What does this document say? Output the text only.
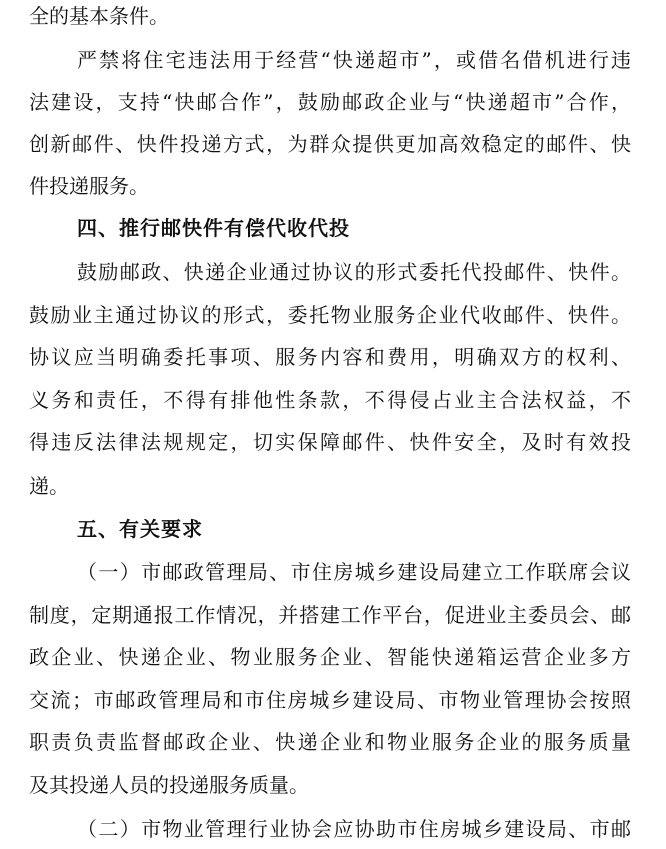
全的基本条件。
严禁将住宅违法用于经营“快递超市”，或借名借机进行违
法建设，支持“快邮合作”，鼓励邮政企业与“快递超市”合作，
创新邮件、快件投递方式，为群众提供更加高效稳定的邮件、快
件投递服务。
四、推行邮快件有偿代收代投
鼓励邮政、快递企业通过协议的形式委托代投邮件、快件。
鼓励业主通过协议的形式，委托物业服务企业代收邮件、快件。
协议应当明确委托事项、服务内容和费用，明确双方的权利、
义务和责任，不得有排他性条款，不得侵占业主合法权益，不
得违反法律法规规定，切实保障邮件、快件安全，及时有效投
递。
五、有关要求
（一）市邮政管理局、市住房城乡建设局建立工作联席会议
制度，定期通报工作情况，并搭建工作平台，促进业主委员会、邮
政企业、快递企业、物业服务企业、智能快递箱运营企业多方
交流；市邮政管理局和市住房城乡建设局、市物业管理协会按照
职责负责监督邮政企业、快递企业和物业服务企业的服务质量
及其投递人员的投递服务质量。
（二）市物业管理行业协会应协助市住房城乡建设局、市邮
